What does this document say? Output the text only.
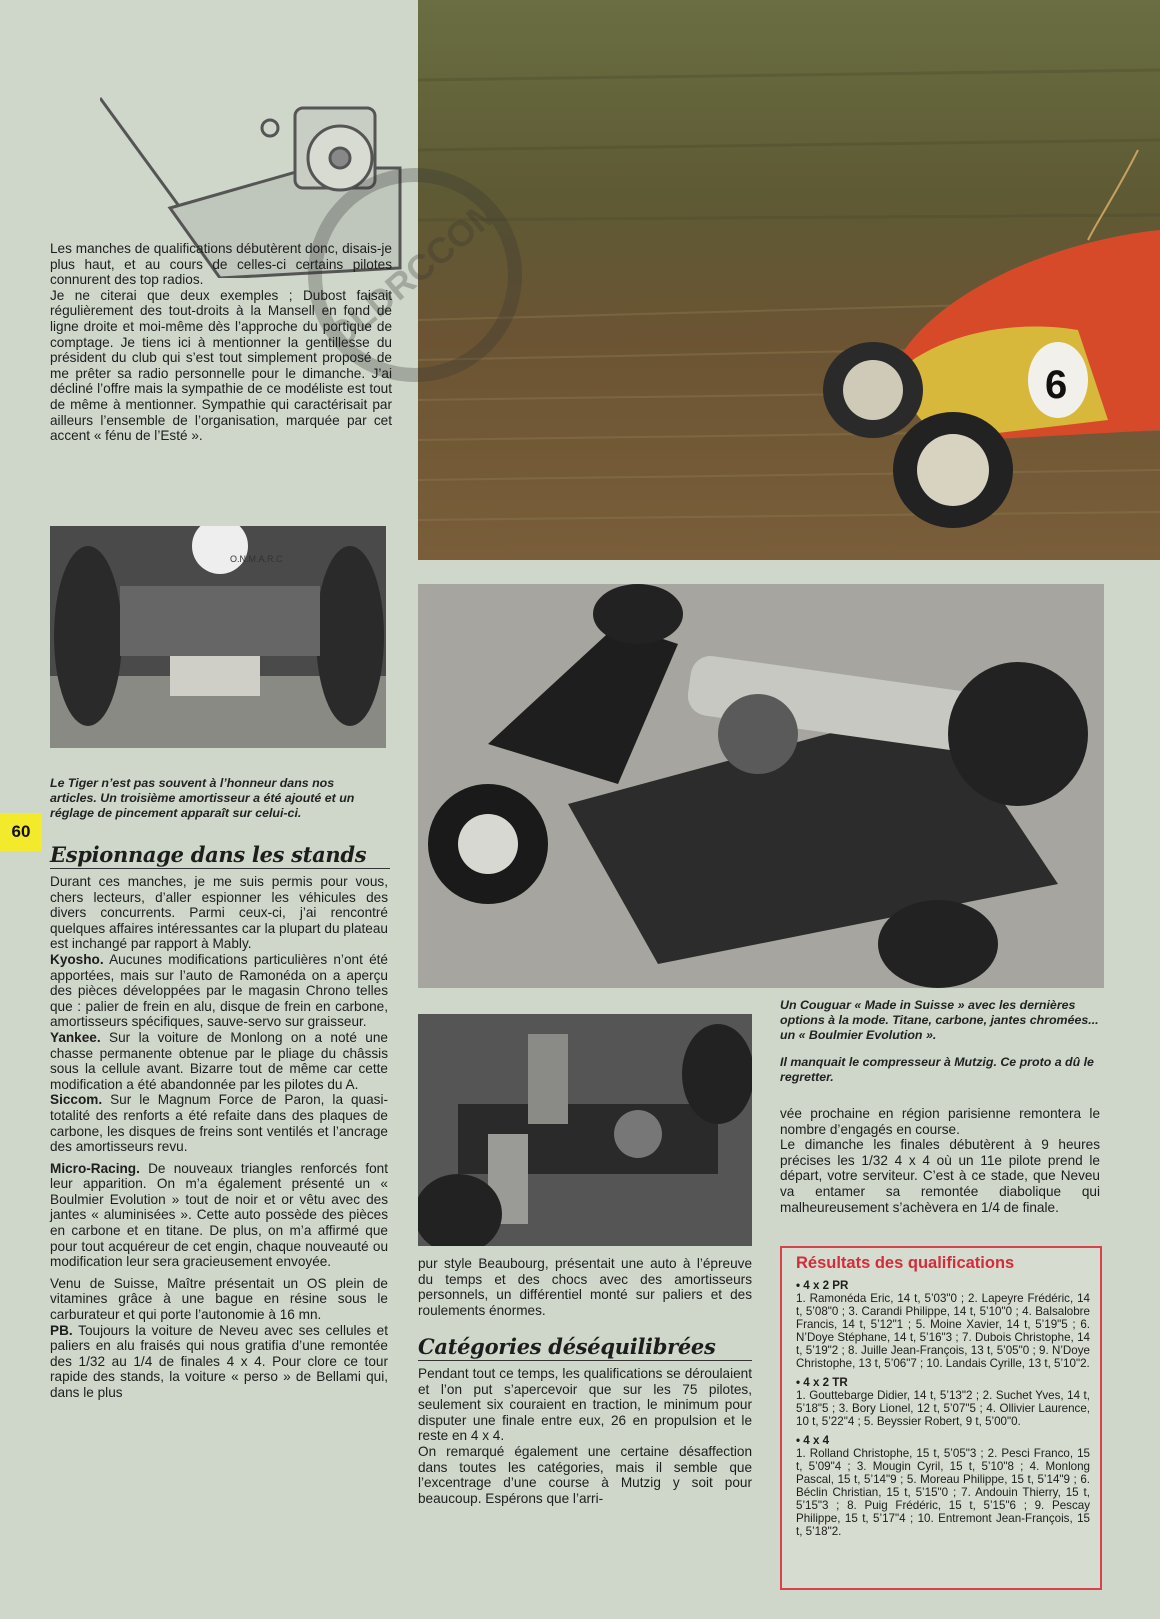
6
OLDRCCOM

Les manches de qualifications débutèrent donc, disais-je plus haut, et au cours de celles-ci certains pilotes connurent des top radios.

Je ne citerai que deux exemples ; Dubost faisait régulièrement des tout-droits à la Mansell en fond de ligne droite et moi-même dès l’approche du portique de comptage. Je tiens ici à mentionner la gentillesse du président du club qui s’est tout simplement proposé de me prêter sa radio personnelle pour le dimanche. J’ai décliné l’offre mais la sympathie de ce modéliste est tout de même à mentionner. Sympathie qui caractérisait par ailleurs l’ensemble de l’organisation, marquée par cet accent « fénu de l’Esté ».

O.N.M.A.R.C
Le Tiger n’est pas souvent à l’honneur dans nos articles. Un troisième amortisseur a été ajouté et un réglage de pincement apparaît sur celui-ci.
60
Espionnage dans les stands

Durant ces manches, je me suis permis pour vous, chers lecteurs, d’aller espionner les véhicules des divers concurrents. Parmi ceux-ci, j’ai rencontré quelques affaires intéressantes car la plupart du plateau est inchangé par rapport à Mably.

Kyosho. Aucunes modifications particulières n’ont été apportées, mais sur l’auto de Ramonéda on a aperçu des pièces développées par le magasin Chrono telles que : palier de frein en alu, disque de frein en carbone, amortisseurs spécifiques, sauve-servo sur graisseur.

Yankee. Sur la voiture de Monlong on a noté une chasse permanente obtenue par le pliage du châssis sous la cellule avant. Bizarre tout de même car cette modification a été abandonnée par les pilotes du A.

Siccom. Sur le Magnum Force de Paron, la quasi-totalité des renforts a été refaite dans des plaques de carbone, les disques de freins sont ventilés et l’ancrage des amortisseurs revu.

Micro-Racing. De nouveaux triangles renforcés font leur apparition. On m’a également présenté un « Boulmier Evolution » tout de noir et or vêtu avec des jantes « aluminisées ». Cette auto possède des pièces en carbone et en titane. De plus, on m’a affirmé que pour tout acquéreur de cet engin, chaque nouveauté ou modification leur sera gracieusement envoyée.

Venu de Suisse, Maître présentait un OS plein de vitamines grâce à une bague en résine sous le carburateur et qui porte l’autonomie à 16 mn.

PB. Toujours la voiture de Neveu avec ses cellules et paliers en alu fraisés qui nous gratifia d’une remontée des 1/32 au 1/4 de finales 4 x 4. Pour clore ce tour rapide des stands, la voiture « perso » de Bellami qui, dans le plus

Un Couguar « Made in Suisse » avec les dernières options à la mode. Titane, carbone, jantes chromées... un « Boulmier Evolution ».
Il manquait le compresseur à Mutzig. Ce proto a dû le regretter.
pur style Beaubourg, présentait une auto à l’épreuve du temps et des chocs avec des amortisseurs personnels, un différentiel monté sur paliers et des roulements énormes.
Catégories déséquilibrées

Pendant tout ce temps, les qualifications se déroulaient et l’on put s’apercevoir que sur les 75 pilotes, seulement six couraient en traction, le minimum pour disputer une finale entre eux, 26 en propulsion et le reste en 4 x 4.

On remarqué également une certaine désaffection dans toutes les catégories, mais il semble que l’excentrage d’une course à Mutzig y soit pour beaucoup. Espérons que l’arri-

vée prochaine en région parisienne remontera le nombre d’engagés en course.

Le dimanche les finales débutèrent à 9 heures précises les 1/32 4 x 4 où un 11e pilote prend le départ, votre serviteur. C’est à ce stade, que Neveu va entamer sa remontée diabolique qui malheureusement s’achèvera en 1/4 de finale.

Résultats des qualifications
• 4 x 2 PR
1. Ramonéda Eric, 14 t, 5’03"0 ; 2. Lapeyre Frédéric, 14 t, 5’08"0 ; 3. Carandi Philippe, 14 t, 5’10"0 ; 4. Balsalobre Francis, 14 t, 5’12"1 ; 5. Moine Xavier, 14 t, 5’19"5 ; 6. N’Doye Stéphane, 14 t, 5’16"3 ; 7. Dubois Christophe, 14 t, 5’19"2 ; 8. Juille Jean-François, 13 t, 5’05"0 ; 9. N’Doye Christophe, 13 t, 5’06"7 ; 10. Landais Cyrille, 13 t, 5’10"2.
• 4 x 2 TR
1. Gouttebarge Didier, 14 t, 5’13"2 ; 2. Suchet Yves, 14 t, 5’18"5 ; 3. Bory Lionel, 12 t, 5’07"5 ; 4. Ollivier Laurence, 10 t, 5’22"4 ; 5. Beyssier Robert, 9 t, 5’00"0.
• 4 x 4
1. Rolland Christophe, 15 t, 5’05"3 ; 2. Pesci Franco, 15 t, 5’09"4 ; 3. Mougin Cyril, 15 t, 5’10"8 ; 4. Monlong Pascal, 15 t, 5’14"9 ; 5. Moreau Philippe, 15 t, 5’14"9 ; 6. Béclin Christian, 15 t, 5’15"0 ; 7. Andouin Thierry, 15 t, 5’15"3 ; 8. Puig Frédéric, 15 t, 5’15"6 ; 9. Pescay Philippe, 15 t, 5’17"4 ; 10. Entremont Jean-François, 15 t, 5’18"2.
